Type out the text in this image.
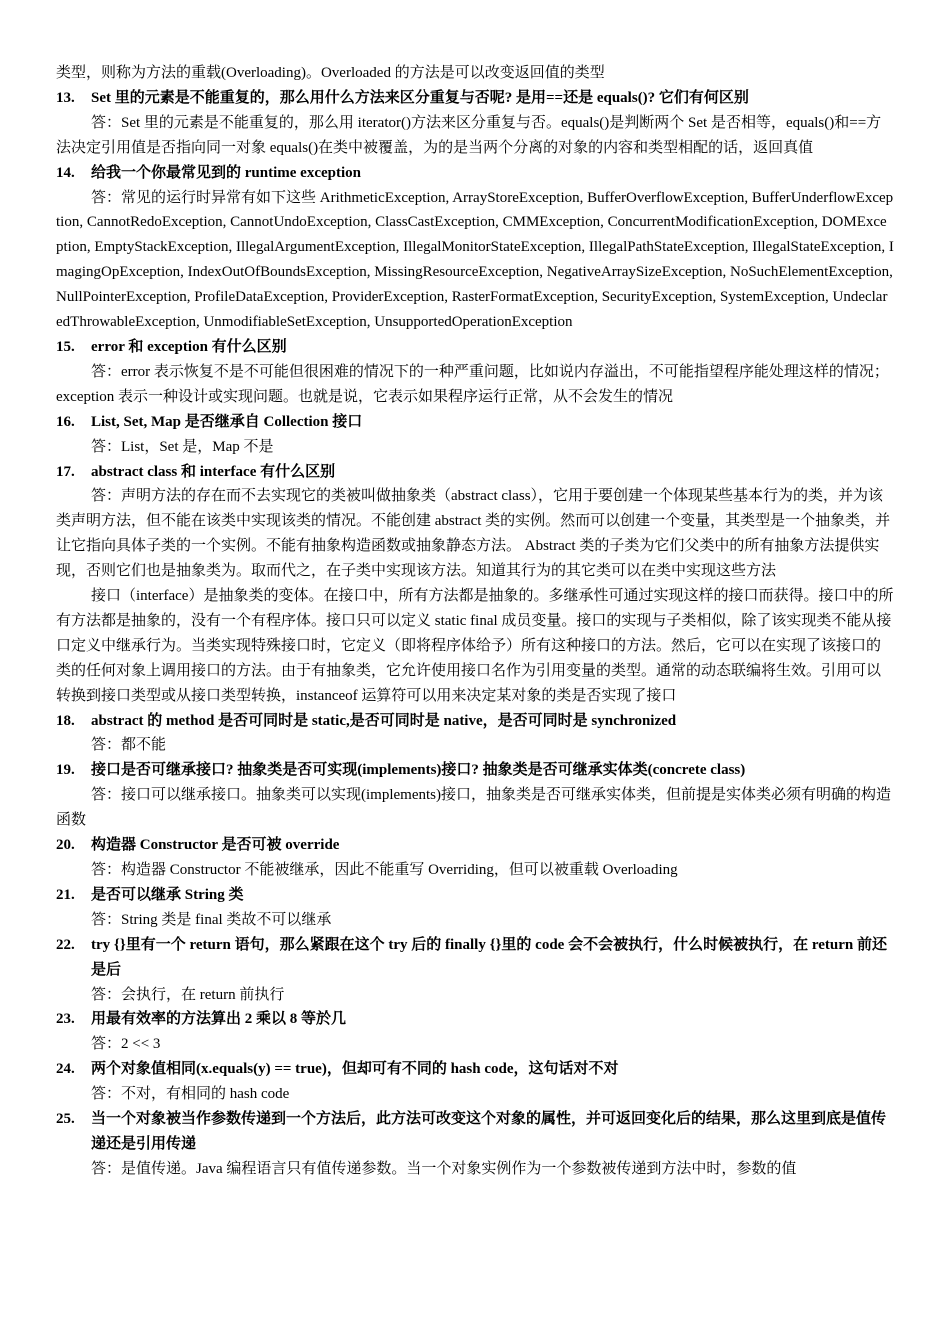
类型，则称为方法的重载(Overloading)。Overloaded 的方法是可以改变返回值的类型

13.	Set 里的元素是不能重复的，那么用什么方法来区分重复与否呢? 是用==还是 equals()? 它们有何区别

答：Set 里的元素是不能重复的，那么用 iterator()方法来区分重复与否。equals()是判断两个 Set 是否相等，equals()和==方法决定引用值是否指向同一对象 equals()在类中被覆盖，为的是当两个分离的对象的内容和类型相配的话，返回真值

14.	给我一个你最常见到的 runtime exception

答：常见的运行时异常有如下这些 ArithmeticException, ArrayStoreException, BufferOverflowException, BufferUnderflowException, CannotRedoException, CannotUndoException, ClassCastException, CMMException, ConcurrentModificationException, DOMException, EmptyStackException, IllegalArgumentException, IllegalMonitorStateException, IllegalPathStateException, IllegalStateException, ImagingOpException, IndexOutOfBoundsException, MissingResourceException, NegativeArraySizeException, NoSuchElementException, NullPointerException, ProfileDataException, ProviderException, RasterFormatException, SecurityException, SystemException, UndeclaredThrowableException, UnmodifiableSetException, UnsupportedOperationException

15.	error 和 exception 有什么区别

答：error 表示恢复不是不可能但很困难的情况下的一种严重问题，比如说内存溢出，不可能指望程序能处理这样的情况；exception 表示一种设计或实现问题。也就是说，它表示如果程序运行正常，从不会发生的情况

16.	List, Set, Map 是否继承自 Collection 接口

答：List，Set 是，Map 不是

17.	abstract class 和 interface 有什么区别

答：声明方法的存在而不去实现它的类被叫做抽象类（abstract class），它用于要创建一个体现某些基本行为的类，并为该类声明方法，但不能在该类中实现该类的情况。不能创建 abstract 类的实例。然而可以创建一个变量，其类型是一个抽象类，并让它指向具体子类的一个实例。不能有抽象构造函数或抽象静态方法。 Abstract 类的子类为它们父类中的所有抽象方法提供实现，否则它们也是抽象类为。取而代之，在子类中实现该方法。知道其行为的其它类可以在类中实现这些方法

接口（interface）是抽象类的变体。在接口中，所有方法都是抽象的。多继承性可通过实现这样的接口而获得。接口中的所有方法都是抽象的，没有一个有程序体。接口只可以定义 static final 成员变量。接口的实现与子类相似，除了该实现类不能从接口定义中继承行为。当类实现特殊接口时，它定义（即将程序体给予）所有这种接口的方法。然后，它可以在实现了该接口的类的任何对象上调用接口的方法。由于有抽象类，它允许使用接口名作为引用变量的类型。通常的动态联编将生效。引用可以转换到接口类型或从接口类型转换，instanceof 运算符可以用来决定某对象的类是否实现了接口

18.	abstract 的 method 是否可同时是 static,是否可同时是 native，是否可同时是 synchronized

答：都不能

19.	接口是否可继承接口? 抽象类是否可实现(implements)接口? 抽象类是否可继承实体类(concrete class)

答：接口可以继承接口。抽象类可以实现(implements)接口，抽象类是否可继承实体类，但前提是实体类必须有明确的构造函数

20.	构造器 Constructor 是否可被 override

答：构造器 Constructor 不能被继承，因此不能重写 Overriding，但可以被重载 Overloading

21.	是否可以继承 String 类

答：String 类是 final 类故不可以继承

22.	try {}里有一个 return 语句，那么紧跟在这个 try 后的 finally {}里的 code 会不会被执行，什么时候被执行，在 return 前还是后

答：会执行，在 return 前执行

23.	用最有效率的方法算出 2 乘以 8 等於几

答：2 << 3

24.	两个对象值相同(x.equals(y) == true)，但却可有不同的 hash code，这句话对不对

答：不对，有相同的 hash code

25.	当一个对象被当作参数传递到一个方法后，此方法可改变这个对象的属性，并可返回变化后的结果，那么这里到底是值传递还是引用传递

答：是值传递。Java 编程语言只有值传递参数。当一个对象实例作为一个参数被传递到方法中时，参数的值
